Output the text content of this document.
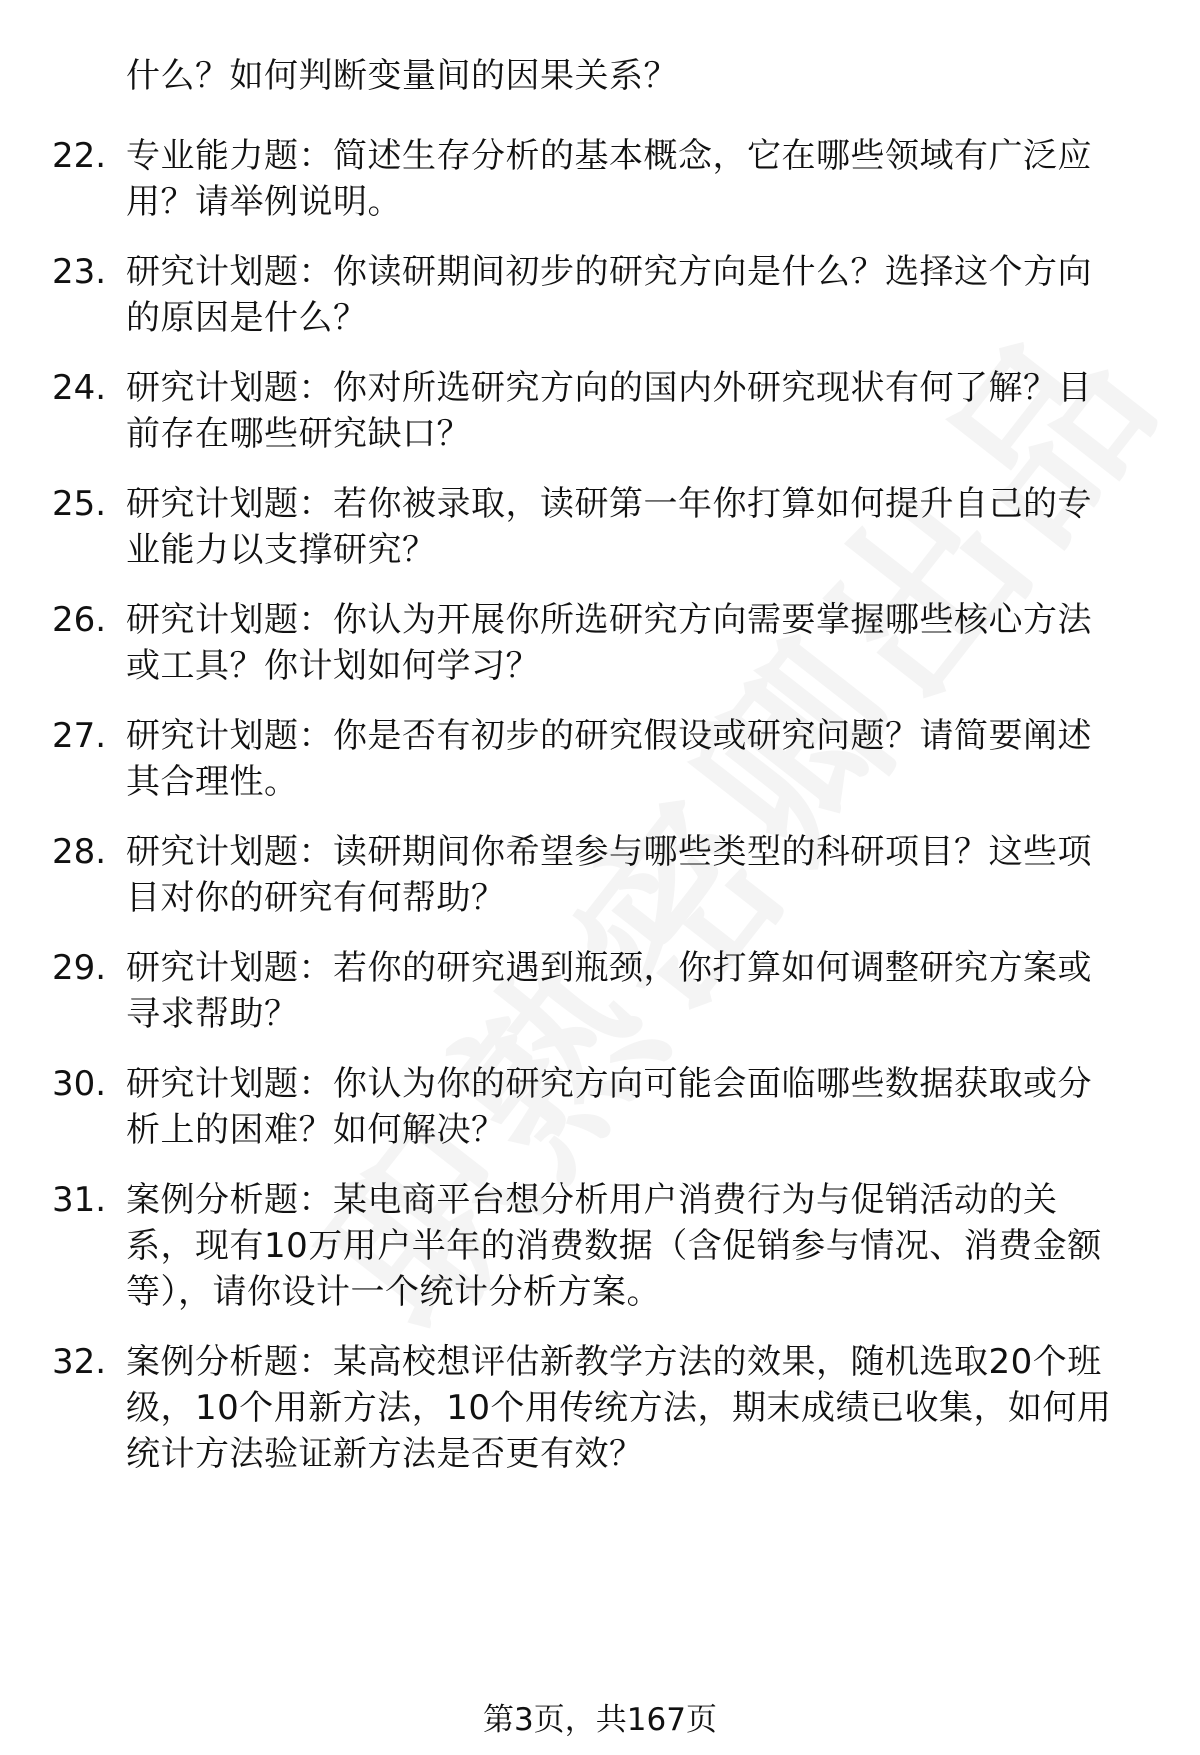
什么？如何判断变量间的因果关系？
22. 专业能力题：简述生存分析的基本概念，它在哪些领域有广泛应
用？请举例说明。
23. 研究计划题：你读研期间初步的研究方向是什么？选择这个方向
的原因是什么？
24. 研究计划题：你对所选研究方向的国内外研究现状有何了解？目
前存在哪些研究缺口？
25. 研究计划题：若你被录取，读研第一年你打算如何提升自己的专
业能力以支撑研究？
26. 研究计划题：你认为开展你所选研究方向需要掌握哪些核心方法
或工具？你计划如何学习？
27. 研究计划题：你是否有初步的研究假设或研究问题？请简要阐述
其合理性。
28. 研究计划题：读研期间你希望参与哪些类型的科研项目？这些项
目对你的研究有何帮助？
29. 研究计划题：若你的研究遇到瓶颈，你打算如何调整研究方案或
寻求帮助？
30. 研究计划题：你认为你的研究方向可能会面临哪些数据获取或分
析上的困难？如何解决？
31. 案例分析题：某电商平台想分析用户消费行为与促销活动的关
系，现有10万用户半年的消费数据（含促销参与情况、消费金额
等），请你设计一个统计分析方案。
32. 案例分析题：某高校想评估新教学方法的效果，随机选取20个班
级，10个用新方法，10个用传统方法，期末成绩已收集，如何用
统计方法验证新方法是否更有效？
第3页，共167页
